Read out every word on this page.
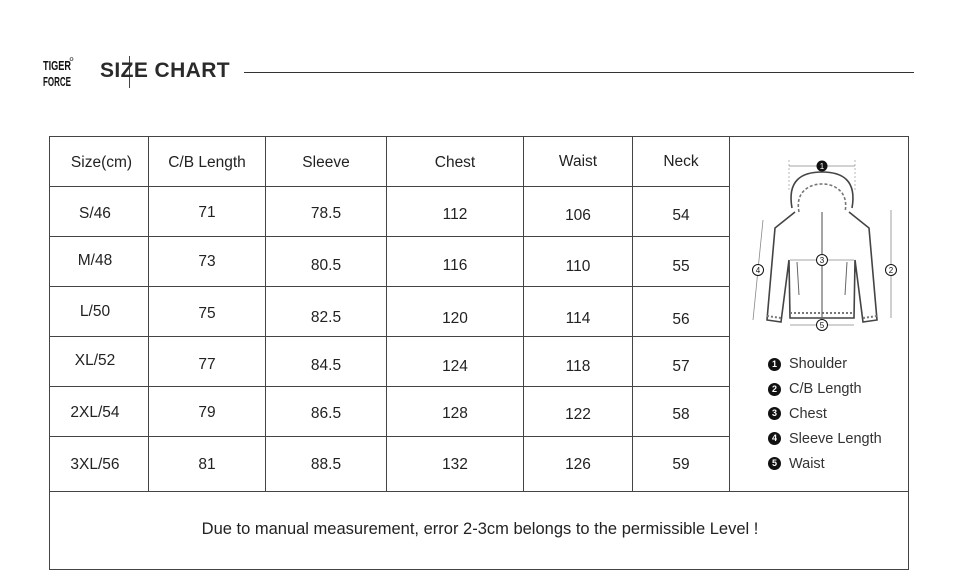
TIGER
FORCE SIZE CHART
Size(cm)	C/B Length	Sleeve	Chest	Waist	Neck
S/46	71	78.5	112	106	54
M/48	73	80.5	116	110	55
L/50	75	82.5	120	114	56
XL/52	77	84.5	124	118	57
2XL/54	79	86.5	128	122	58
3XL/56	81	88.5	132	126	59
1
2
3
4
5
1 Shoulder
2 C/B Length
3 Chest
4 Sleeve Length
5 Waist
Due to manual measurement, error 2-3cm belongs to the permissible Level !
